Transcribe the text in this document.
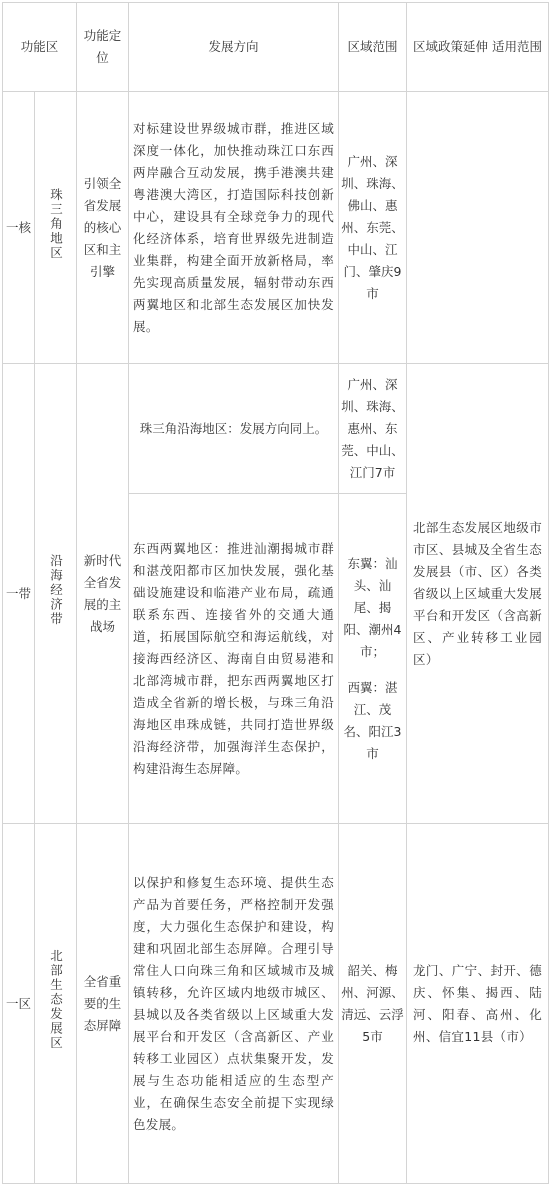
功能区		功能定位	发展方向	区域范围	区域政策延伸 适用范围
一核	珠三角地区	引领全省发展的核心区和主引擎	对标建设世界级城市群，推进区域深度一体化，加快推动珠江口东西两岸融合互动发展，携手港澳共建粤港澳大湾区，打造国际科技创新中心，建设具有全球竞争力的现代化经济体系，培育世界级先进制造业集群，构建全面开放新格局，率先实现高质量发展，辐射带动东西两翼地区和北部生态发展区加快发展。	广州、深圳、珠海、佛山、惠州、东莞、中山、江门、肇庆9市	
一带	沿海经济带	新时代全省发展的主战场	珠三角沿海地区：发展方向同上。	广州、深圳、珠海、惠州、东莞、中山、江门7市	北部生态发展区地级市市区、县城及全省生态发展县（市、区）各类省级以上区域重大发展平台和开发区（含高新区、产业转移工业园区）
			东西两翼地区：推进汕潮揭城市群和湛茂阳都市区加快发展，强化基础设施建设和临港产业布局，疏通联系东西、连接省外的交通大通道，拓展国际航空和海运航线，对接海西经济区、海南自由贸易港和北部湾城市群，把东西两翼地区打造成全省新的增长极，与珠三角沿海地区串珠成链，共同打造世界级沿海经济带，加强海洋生态保护，构建沿海生态屏障。	东翼：汕头、汕尾、揭阳、潮州4市；
西翼：湛江、茂名、阳江3市	

一区	北部生态发展区	全省重要的生态屏障	以保护和修复生态环境、提供生态产品为首要任务，严格控制开发强度，大力强化生态保护和建设，构建和巩固北部生态屏障。合理引导常住人口向珠三角和区域城市及城镇转移，允许区域内地级市城区、县城以及各类省级以上区域重大发展平台和开发区（含高新区、产业转移工业园区）点状集聚开发，发展与生态功能相适应的生态型产业，在确保生态安全前提下实现绿色发展。	韶关、梅州、河源、清远、云浮5市	龙门、广宁、封开、德庆、怀集、揭西、陆河、阳春、高州、化州、信宜11县（市）
